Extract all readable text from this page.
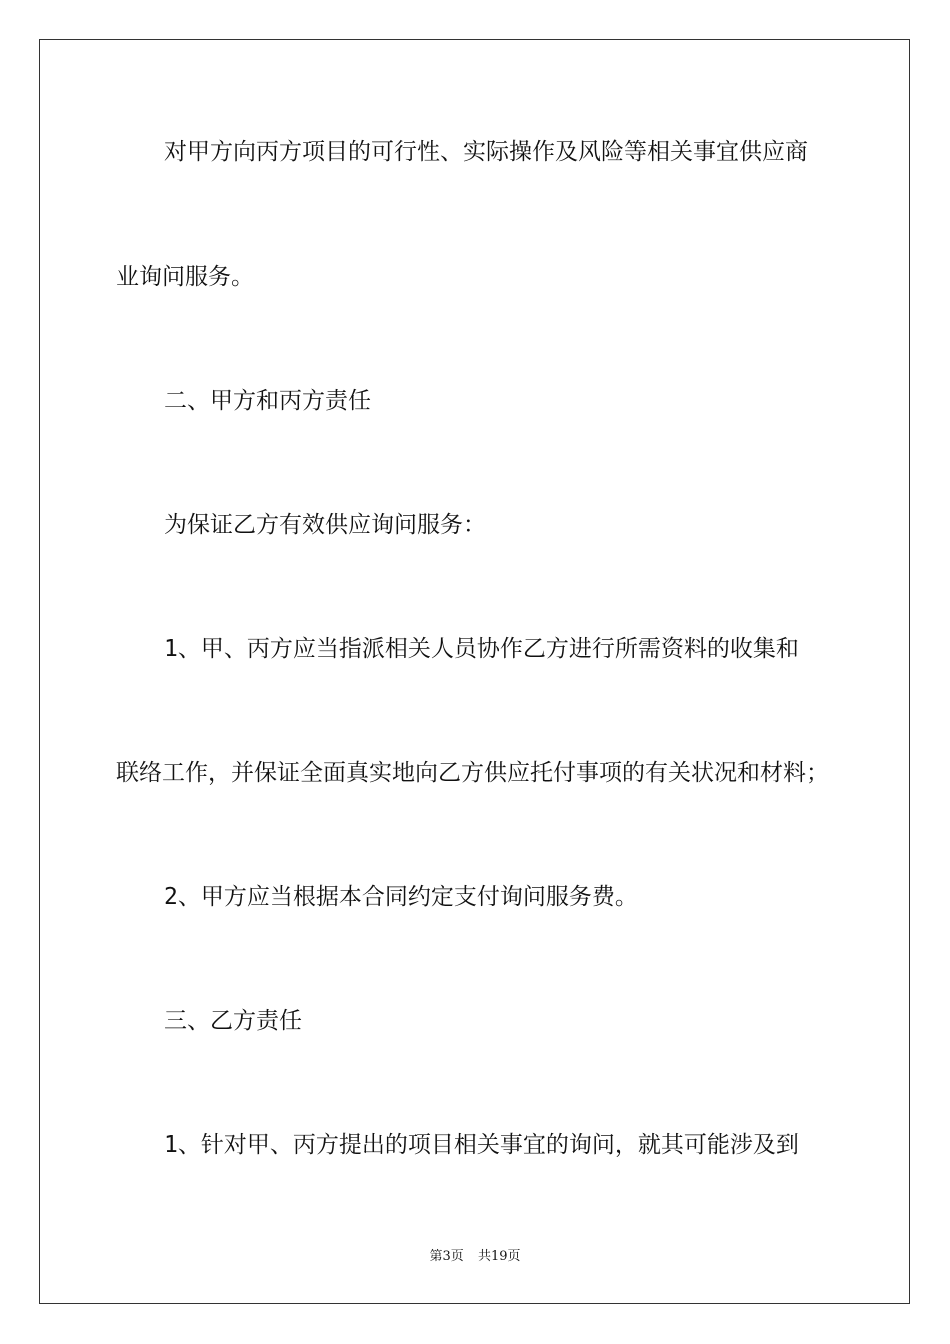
对甲方向丙方项目的可行性、实际操作及风险等相关事宜供应商
业询问服务。
二、甲方和丙方责任
为保证乙方有效供应询问服务：
1、甲、丙方应当指派相关人员协作乙方进行所需资料的收集和
联络工作，并保证全面真实地向乙方供应托付事项的有关状况和材料；
2、甲方应当根据本合同约定支付询问服务费。
三、乙方责任
1、针对甲、丙方提出的项目相关事宜的询问，就其可能涉及到
第3页 共19页
